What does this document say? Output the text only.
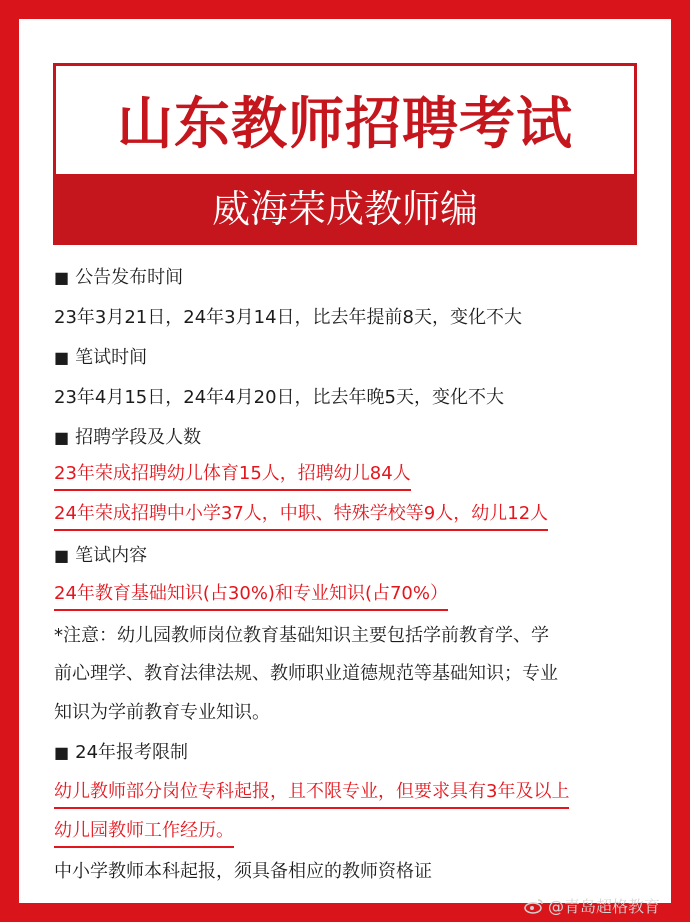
山东教师招聘考试
威海荣成教师编
■ 公告发布时间
23年3月21日，24年3月14日，比去年提前8天，变化不大
■ 笔试时间
23年4月15日，24年4月20日，比去年晚5天，变化不大
■ 招聘学段及人数
23年荣成招聘幼儿体育15人，招聘幼儿84人
24年荣成招聘中小学37人，中职、特殊学校等9人，幼儿12人
■ 笔试内容
24年教育基础知识(占30%)和专业知识(占70%）
*注意：幼儿园教师岗位教育基础知识主要包括学前教育学、学
前心理学、教育法律法规、教师职业道德规范等基础知识；专业
知识为学前教育专业知识。
■ 24年报考限制
幼儿教师部分岗位专科起报，且不限专业，但要求具有3年及以上
幼儿园教师工作经历。
中小学教师本科起报，须具备相应的教师资格证
@青岛超格教育
